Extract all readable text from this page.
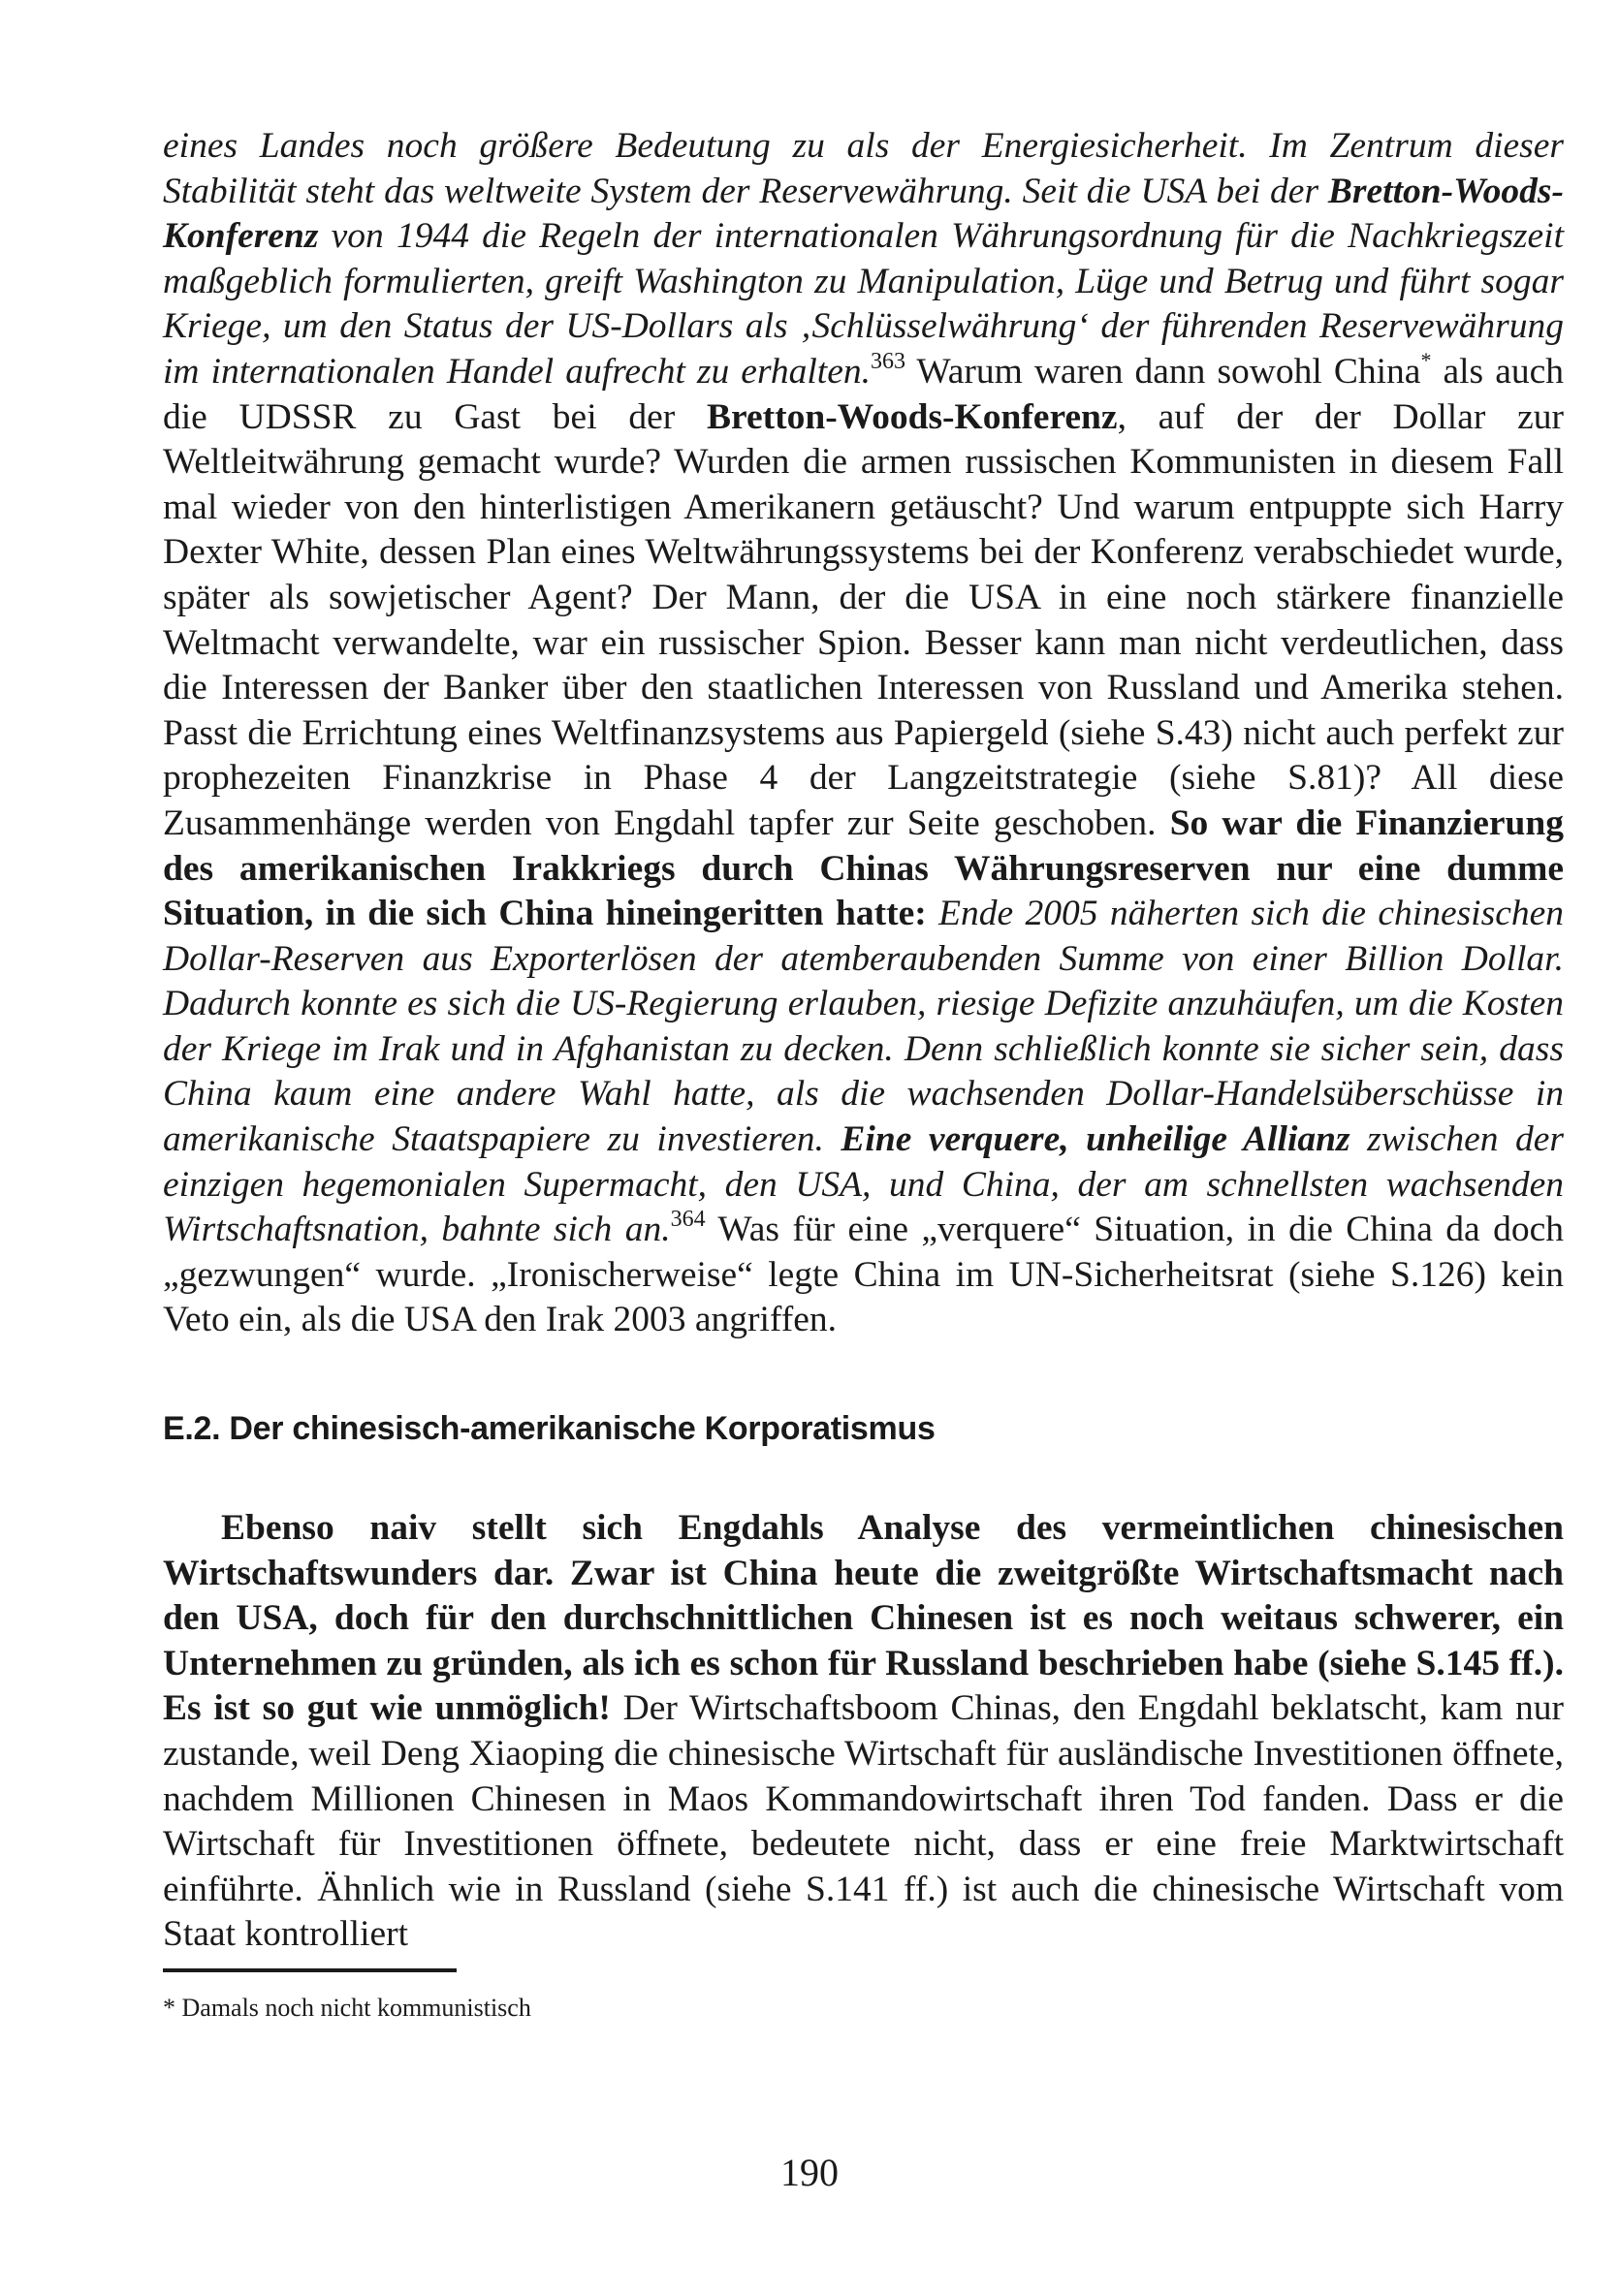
eines Landes noch größere Bedeutung zu als der Energiesicherheit. Im Zentrum dieser Stabilität steht das weltweite System der Reservewährung. Seit die USA bei der Bretton-Woods-Konferenz von 1944 die Regeln der internationalen Währungsordnung für die Nachkriegszeit maßgeblich formulierten, greift Washington zu Manipulation, Lüge und Betrug und führt sogar Kriege, um den Status der US-Dollars als ‚Schlüsselwährung‘ der führenden Reservewährung im internationalen Handel aufrecht zu erhalten.$^{363}$ Warum waren dann sowohl China* als auch die UDSSR zu Gast bei der Bretton-Woods-Konferenz, auf der der Dollar zur Weltleitwährung gemacht wurde? Wurden die armen russischen Kommunisten in diesem Fall mal wieder von den hinterlistigen Amerikanern getäuscht? Und warum entpuppte sich Harry Dexter White, dessen Plan eines Weltwährungssystems bei der Konferenz verabschiedet wurde, später als sowjetischer Agent? Der Mann, der die USA in eine noch stärkere finanzielle Weltmacht verwandelte, war ein russischer Spion. Besser kann man nicht verdeutlichen, dass die Interessen der Banker über den staatlichen Interessen von Russland und Amerika stehen. Passt die Errichtung eines Weltfinanzsystems aus Papiergeld (siehe S.43) nicht auch perfekt zur prophezeiten Finanzkrise in Phase 4 der Langzeitstrategie (siehe S.81)? All diese Zusammenhänge werden von Engdahl tapfer zur Seite geschoben. So war die Finanzierung des amerikanischen Irakkriegs durch Chinas Währungsreserven nur eine dumme Situation, in die sich China hineingeritten hatte: Ende 2005 näherten sich die chinesischen Dollar-Reserven aus Exporterlösen der atemberaubenden Summe von einer Billion Dollar. Dadurch konnte es sich die US-Regierung erlauben, riesige Defizite anzuhäufen, um die Kosten der Kriege im Irak und in Afghanistan zu decken. Denn schließlich konnte sie sicher sein, dass China kaum eine andere Wahl hatte, als die wachsenden Dollar-Handelsüberschüsse in amerikanische Staatspapiere zu investieren. Eine verquere, unheilige Allianz zwischen der einzigen hegemonialen Supermacht, den USA, und China, der am schnellsten wachsenden Wirtschaftsnation, bahnte sich an.$^{364}$ Was für eine „verquere“ Situation, in die China da doch „gezwungen“ wurde. „Ironischerweise“ legte China im UN-Sicherheitsrat (siehe S.126) kein Veto ein, als die USA den Irak 2003 angriffen.

E.2. Der chinesisch-amerikanische Korporatismus

Ebenso naiv stellt sich Engdahls Analyse des vermeintlichen chinesischen Wirtschaftswunders dar. Zwar ist China heute die zweitgrößte Wirtschaftsmacht nach den USA, doch für den durchschnittlichen Chinesen ist es noch weitaus schwerer, ein Unternehmen zu gründen, als ich es schon für Russland beschrieben habe (siehe S.145 ff.). Es ist so gut wie unmöglich! Der Wirtschaftsboom Chinas, den Engdahl beklatscht, kam nur zustande, weil Deng Xiaoping die chinesische Wirtschaft für ausländische Investitionen öffnete, nachdem Millionen Chinesen in Maos Kommandowirtschaft ihren Tod fanden. Dass er die Wirtschaft für Investitionen öffnete, bedeutete nicht, dass er eine freie Marktwirtschaft einführte. Ähnlich wie in Russland (siehe S.141 ff.) ist auch die chinesische Wirtschaft vom Staat kontrolliert

* Damals noch nicht kommunistisch
190
